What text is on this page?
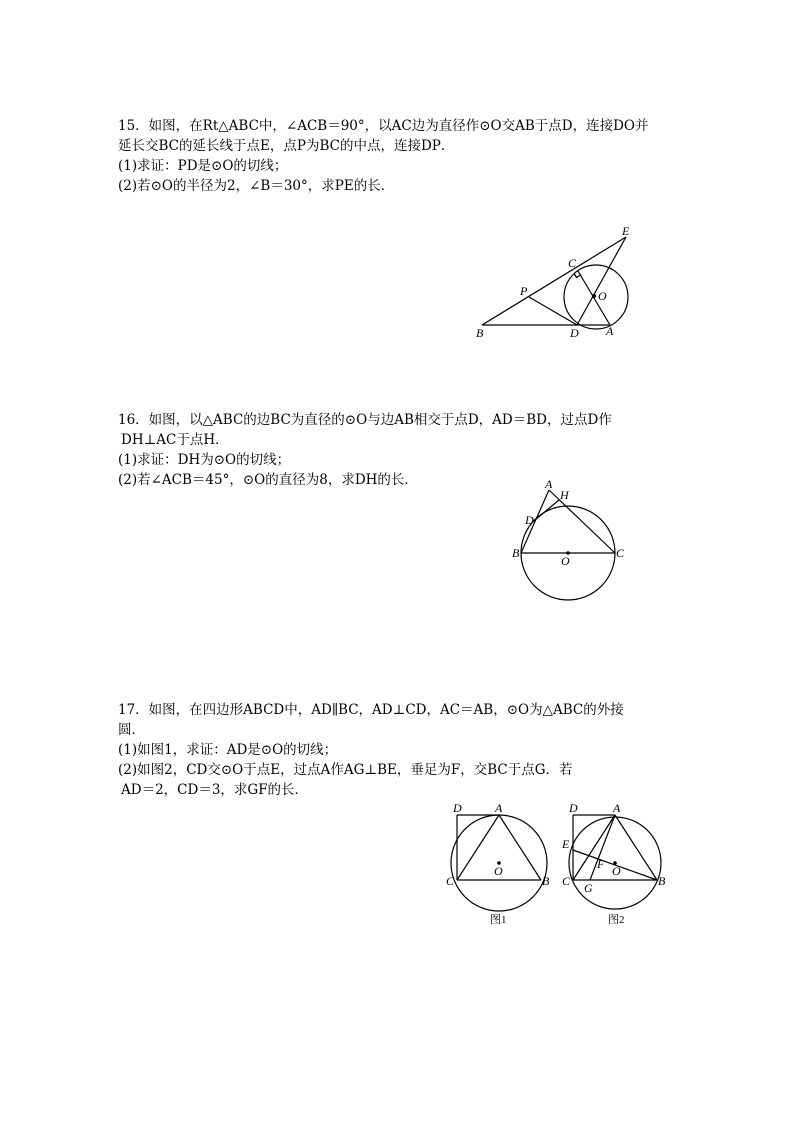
15．如图，在Rt△ABC中，∠ACB＝90°，以AC边为直径作⊙O交AB于点D，连接DO并

延长交BC的延长线于点E，点P为BC的中点，连接DP．

(1)求证：PD是⊙O的切线；

(2)若⊙O的半径为2，∠B＝30°，求PE的长．

E
C
P	O
B	D A

16．如图，以△ABC的边BC为直径的⊙O与边AB相交于点D，AD＝BD，过点D作

DH⊥AC于点H．

(1)求证：DH为⊙O的切线；

(2)若∠ACB＝45°，⊙O的直径为8，求DH的长．	A
H
D
B	C
O

17．如图，在四边形ABCD中，AD∥BC，AD⊥CD，AC＝AB，⊙O为△ABC的外接

圆．

(1)如图1，求证：AD是⊙O的切线；

(2)如图2，CD交⊙O于点E，过点A作AG⊥BE，垂足为F，交BC于点G．若

AD＝2，CD＝3，求GF的长．

D	A
C
O
B
图1
D	A
E
F
C G
O
B
图2
